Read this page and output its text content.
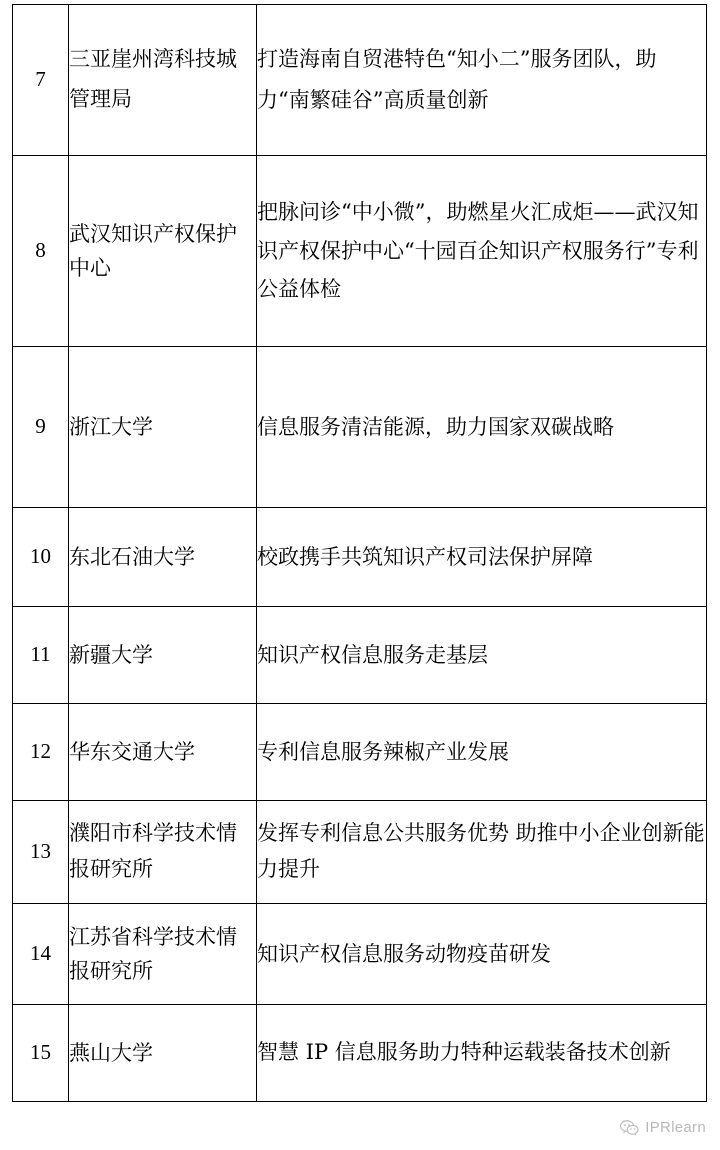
7	三亚崖州湾科技城管理局	打造海南自贸港特色“知小二”服务团队，助力“南繁硅谷”高质量创新
8	武汉知识产权保护中心	把脉问诊“中小微”，助燃星火汇成炬——武汉知识产权保护中心“十园百企知识产权服务行”专利公益体检
9	浙江大学	信息服务清洁能源，助力国家双碳战略
10	东北石油大学	校政携手共筑知识产权司法保护屏障
11	新疆大学	知识产权信息服务走基层
12	华东交通大学	专利信息服务辣椒产业发展
13	濮阳市科学技术情报研究所	发挥专利信息公共服务优势 助推中小企业创新能力提升
14	江苏省科学技术情报研究所	知识产权信息服务动物疫苗研发
15	燕山大学	智慧 IP 信息服务助力特种运载装备技术创新
IPRlearn
